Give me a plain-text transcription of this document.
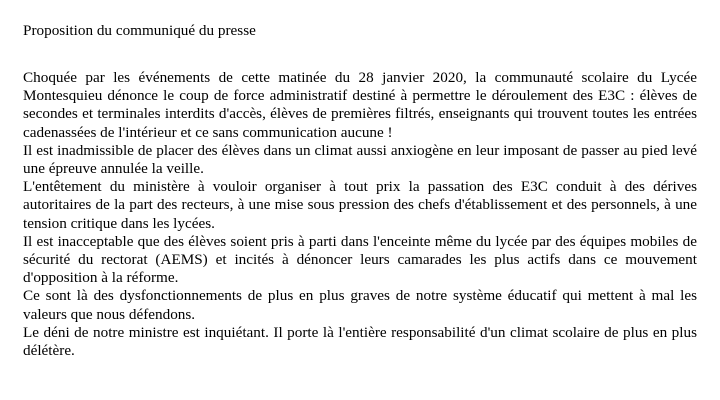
Proposition du communiqué du presse

Choquée par les événements de cette matinée du 28 janvier 2020, la communauté scolaire du Lycée Montesquieu dénonce le coup de force administratif destiné à permettre le déroulement des E3C : élèves de secondes et terminales interdits d'accès, élèves de premières filtrés, enseignants qui trouvent toutes les entrées cadenassées de l'intérieur et ce sans communication aucune !

Il est inadmissible de placer des élèves dans un climat aussi anxiogène en leur imposant de passer au pied levé une épreuve annulée la veille.

L'entêtement du ministère à vouloir organiser à tout prix la passation des E3C conduit à des dérives autoritaires de la part des recteurs, à une mise sous pression des chefs d'établissement et des personnels, à une tension critique dans les lycées.

Il est inacceptable que des élèves soient pris à parti dans l'enceinte même du lycée par des équipes mobiles de sécurité du rectorat (AEMS) et incités à dénoncer leurs camarades les plus actifs dans ce mouvement d'opposition à la réforme.

Ce sont là des dysfonctionnements de plus en plus graves de notre système éducatif qui mettent à mal les valeurs que nous défendons.

Le déni de notre ministre est inquiétant. Il porte là l'entière responsabilité d'un climat scolaire de plus en plus délétère.
